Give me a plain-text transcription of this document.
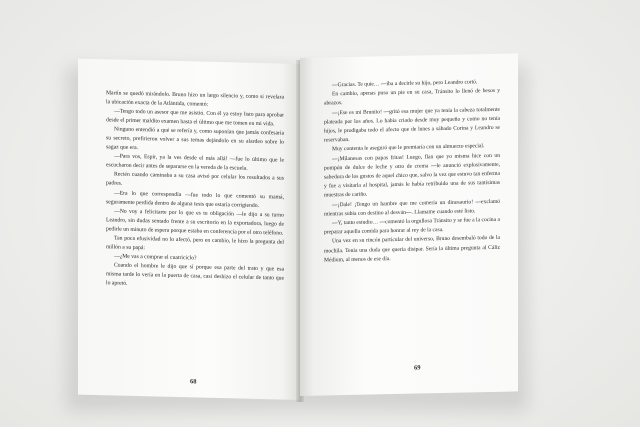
Martín se quedó mirándolo. Bruno hizo un largo silencio y, como si revelara la ubicación exacta de la Atlántida, comentó:

—Tengo todo un asesor que me asistió. Con él ya estoy listo para aprobar desde el primer maldito examen hasta el último que me tomen en mi vida.

Ninguno entendió a qué se refería y, como suponían que jamás confesaría su secreto, prefirieron volver a sus temas dejándolo en su alardeo sobre lo sagaz que era.

—Para vos, Espir, ya la ves desde el más allá! —fue lo último que le escucharon decir antes de separarse en la vereda de la escuela.

Recién cuando caminaba a su casa avisó por celular los resultados a sus padres.

—Era lo que correspondía —fue todo lo que comentó su mamá, seguramente perdida dentro de alguna tesis que estaría corrigiendo.

—No voy a felicitarte por lo que es tu obligación —le dijo a su turno Leandro, sin dudas sentado frente a su escritorio en la exportadora, luego de pedirle un minuto de espera porque estaba en conferencia por el otro teléfono.

Tan poca efusividad no lo afectó, pero en cambio, le hizo la pregunta del millón a su papá:

—¿Me vas a comprar el cuatriciclo?

Cuando el hombre le dijo que sí porque esa parte del trato y que esa misma tarde lo vería en la puerta de casa, casi deshizo el celular de tanto que lo apretó.

68

—Gracias. Te quie… —iba a decirle su hijo, pero Leandro cortó.

En cambio, apenas puso un pie en su casa, Tránsito lo llenó de besos y abrazos.

—¡Ese es mi Brunito! —gritó esa mujer que ya tenía la cabeza totalmente plateada por los años. Lo había criado desde muy pequeño y como no tenía hijos, le prodigaba todo el afecto que de lunes a sábado Corina y Leandro se reservaban.

Muy contenta le aseguró que le premiaría con un almuerzo especial.

—¡Milanesas con papas fritas! Luego, flan que yo misma hice con un pompón de dulce de leche y otro de crema —le anunció explosivamente, sabedora de los gustos de aquel chico que, salvo la vez que estuvo tan enferma y fue a visitarla al hospital, jamás le había retribuido una de sus tantísimas muestras de cariño.

—¡Dale! ¡Tengo un hambre que me comería un dinosaurio! —exclamó mientras subía con destino al desván—. Llamame cuando esté listo.

—Y, tanto estudio… —comentó la orgullosa Tránsito y se fue a la cocina a preparar aquella comida para honrar al rey de la casa.

Una vez en su rincón particular del universo, Bruno desembaló todo de la mochila. Tenía una duda que quería disipar. Sería la última pregunta al Cáliz Médium, al menos de ese día.

69
